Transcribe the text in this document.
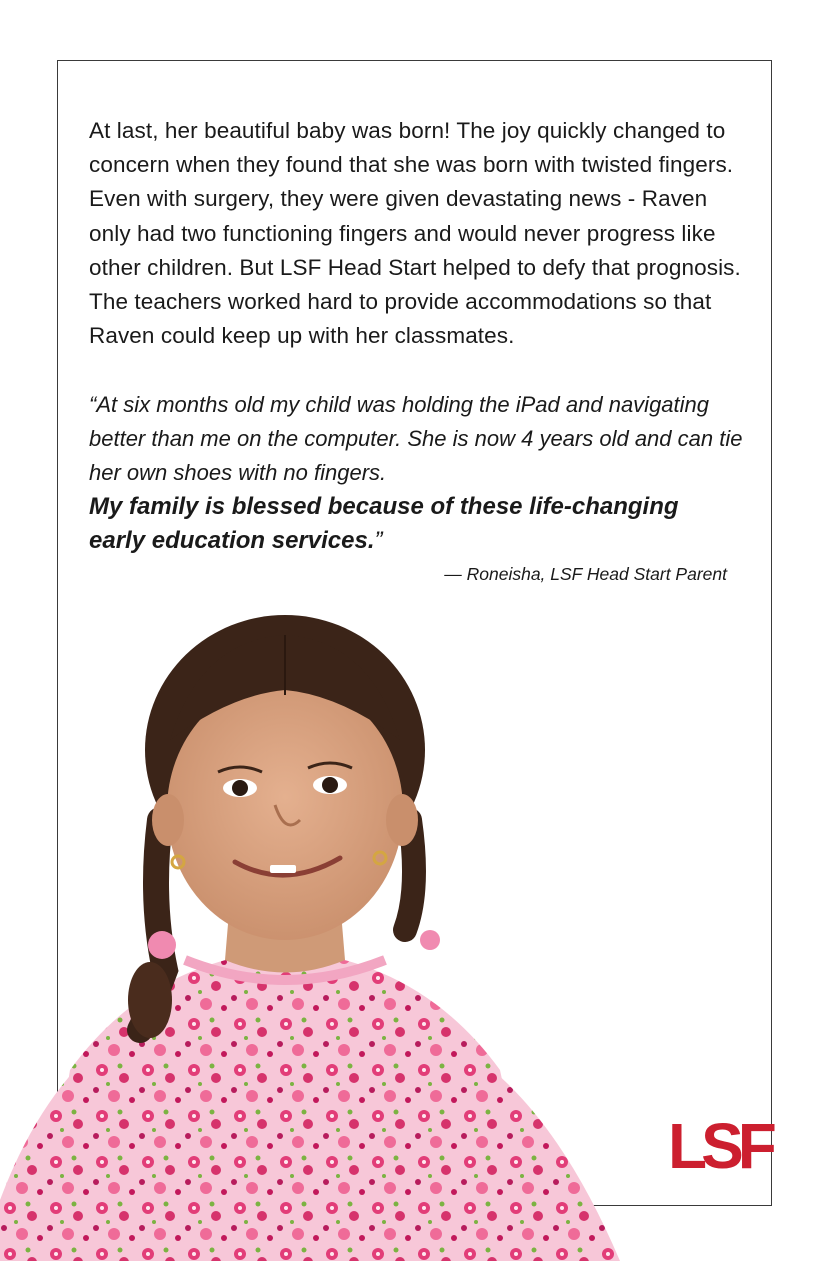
At last, her beautiful baby was born! The joy quickly changed to concern when they found that she was born with twisted fingers. Even with surgery, they were given devastating news - Raven only had two functioning fingers and would never progress like other children. But LSF Head Start helped to defy that prognosis. The teachers worked hard to provide accommodations so that Raven could keep up with her classmates.

“At six months old my child was holding the iPad and navigating better than me on the computer. She is now 4 years old and can tie her own shoes with no fingers.

My family is blessed because of these life-changing early education services.”

— Roneisha, LSF Head Start Parent

LSF
